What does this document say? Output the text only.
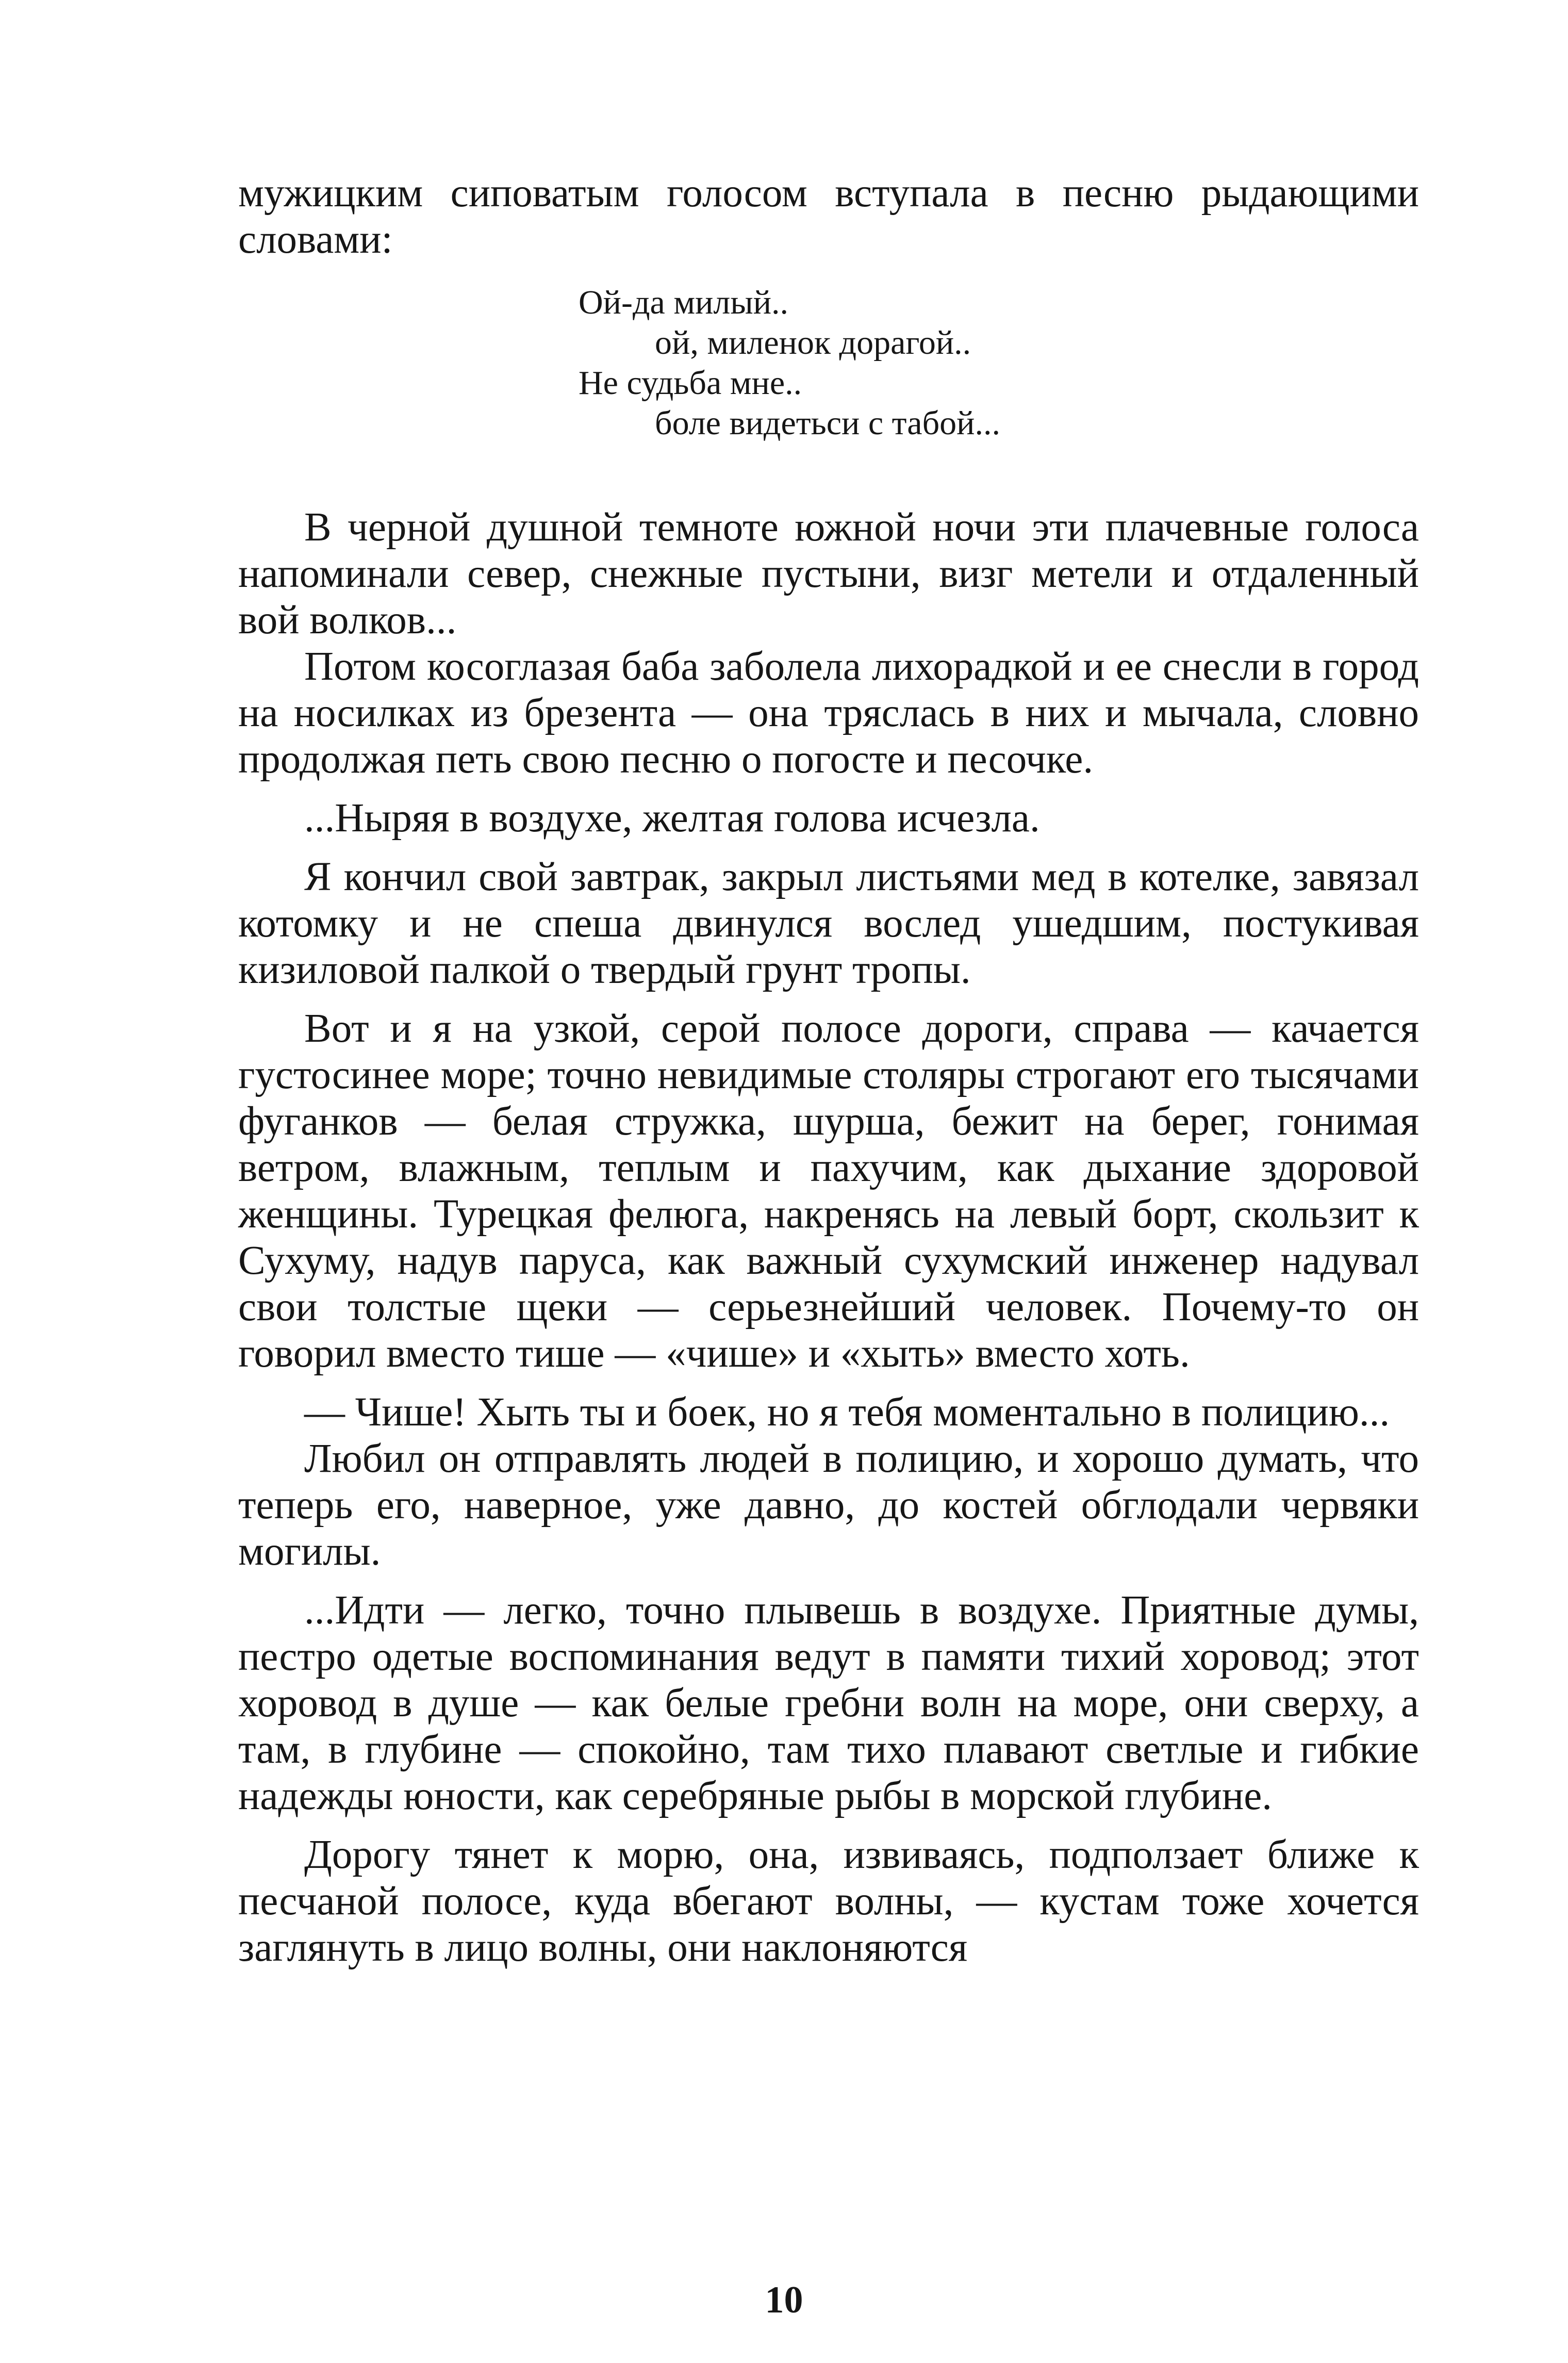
мужицким сиповатым голосом вступала в песню рыдающими словами:

Ой-да милый..
ой, миленок дорагой..
Не судьба мне..
боле видетьси с табой...

В черной душной темноте южной ночи эти плачевные голоса напоминали север, снежные пустыни, визг метели и отдаленный вой волков...

Потом косоглазая баба заболела лихорадкой и ее снесли в город на носилках из брезента — она тряслась в них и мычала, словно продолжая петь свою песню о погосте и песочке.

...Ныряя в воздухе, желтая голова исчезла.

Я кончил свой завтрак, закрыл листьями мед в котелке, завязал котомку и не спеша двинулся вослед ушедшим, постукивая кизиловой палкой о твердый грунт тропы.

Вот и я на узкой, серой полосе дороги, справа — качается густосинее море; точно невидимые столяры строгают его тысячами фуганков — белая стружка, шурша, бежит на берег, гонимая ветром, влажным, теплым и пахучим, как дыхание здоровой женщины. Турецкая фелюга, накренясь на левый борт, скользит к Сухуму, надув паруса, как важный сухумский инженер надувал свои толстые щеки — серьезнейший человек. Почему-то он говорил вместо тише — «чише» и «хыть» вместо хоть.

— Чише! Хыть ты и боек, но я тебя моментально в полицию...

Любил он отправлять людей в полицию, и хорошо думать, что теперь его, наверное, уже давно, до костей обглодали червяки могилы.

...Идти — легко, точно плывешь в воздухе. Приятные думы, пестро одетые воспоминания ведут в памяти тихий хоровод; этот хоровод в душе — как белые гребни волн на море, они сверху, а там, в глубине — спокойно, там тихо плавают светлые и гибкие надежды юности, как серебряные рыбы в морской глубине.

Дорогу тянет к морю, она, извиваясь, подползает ближе к песчаной полосе, куда вбегают волны, — кустам тоже хочется заглянуть в лицо волны, они наклоняются

10
